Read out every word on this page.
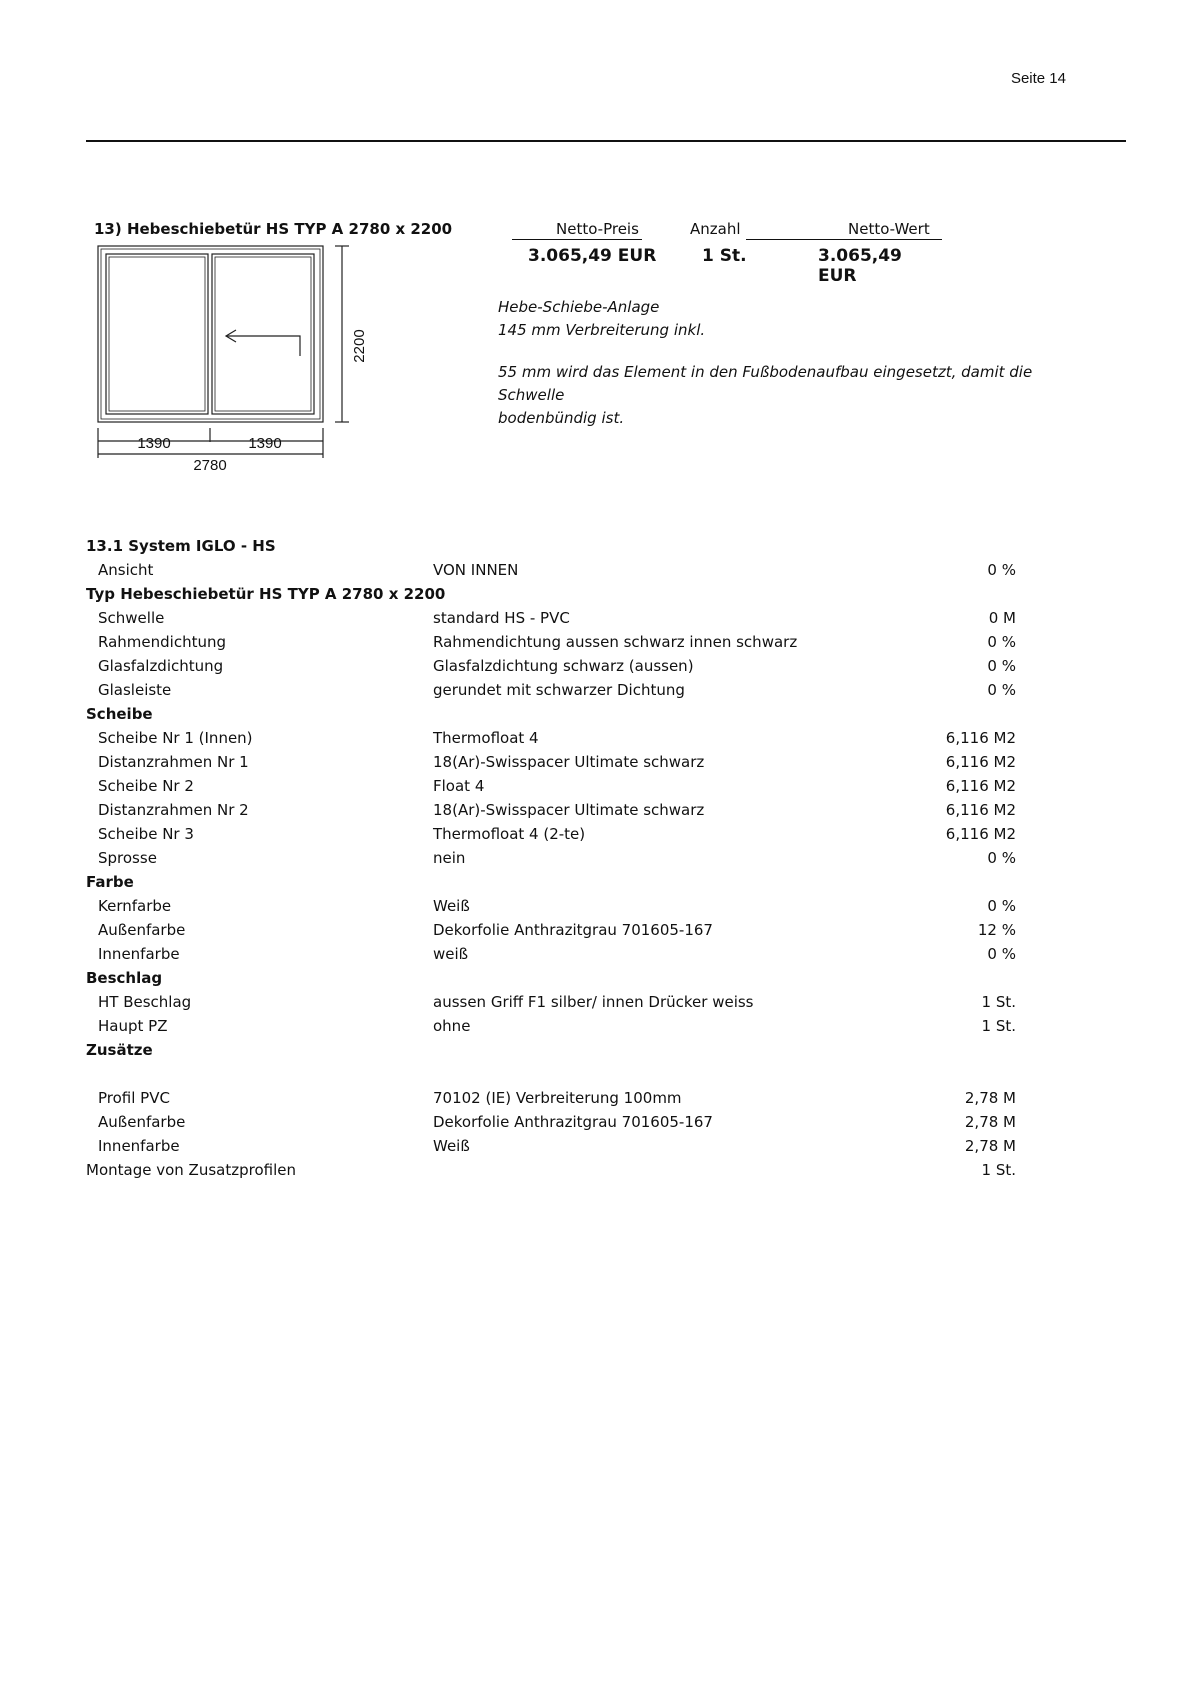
Seite 14
13) Hebeschiebetür HS TYP A 2780 x 2200	Netto-Preis	Anzahl	Netto-Wert
3.065,49 EUR	1 St.	3.065,49 EUR
2200
1390	1390
2780

Hebe-Schiebe-Anlage

145 mm Verbreiterung inkl.

55 mm wird das Element in den Fußbodenaufbau eingesetzt, damit die Schwelle

bodenbündig ist.

13.1 System IGLO - HS
Ansicht	VON INNEN	0 %
Typ Hebeschiebetür HS TYP A 2780 x 2200
Schwelle	standard HS - PVC	0 M
Rahmendichtung	Rahmendichtung aussen schwarz innen schwarz	0 %
Glasfalzdichtung	Glasfalzdichtung schwarz (aussen)	0 %
Glasleiste	gerundet mit schwarzer Dichtung	0 %
Scheibe
Scheibe Nr 1 (Innen)	Thermofloat 4	6,116 M2
Distanzrahmen Nr 1	18(Ar)-Swisspacer Ultimate schwarz	6,116 M2
Scheibe Nr 2	Float 4	6,116 M2
Distanzrahmen Nr 2	18(Ar)-Swisspacer Ultimate schwarz	6,116 M2
Scheibe Nr 3	Thermofloat 4 (2-te)	6,116 M2
Sprosse	nein	0 %
Farbe
Kernfarbe	Weiß	0 %
Außenfarbe	Dekorfolie Anthrazitgrau 701605-167	12 %
Innenfarbe	weiß	0 %
Beschlag
HT Beschlag	aussen Griff F1 silber/ innen Drücker weiss	1 St.
Haupt PZ	ohne	1 St.
Zusätze
Profil PVC	70102 (IE) Verbreiterung 100mm	2,78 M
Außenfarbe	Dekorfolie Anthrazitgrau 701605-167	2,78 M
Innenfarbe	Weiß	2,78 M
Montage von Zusatzprofilen	1 St.
